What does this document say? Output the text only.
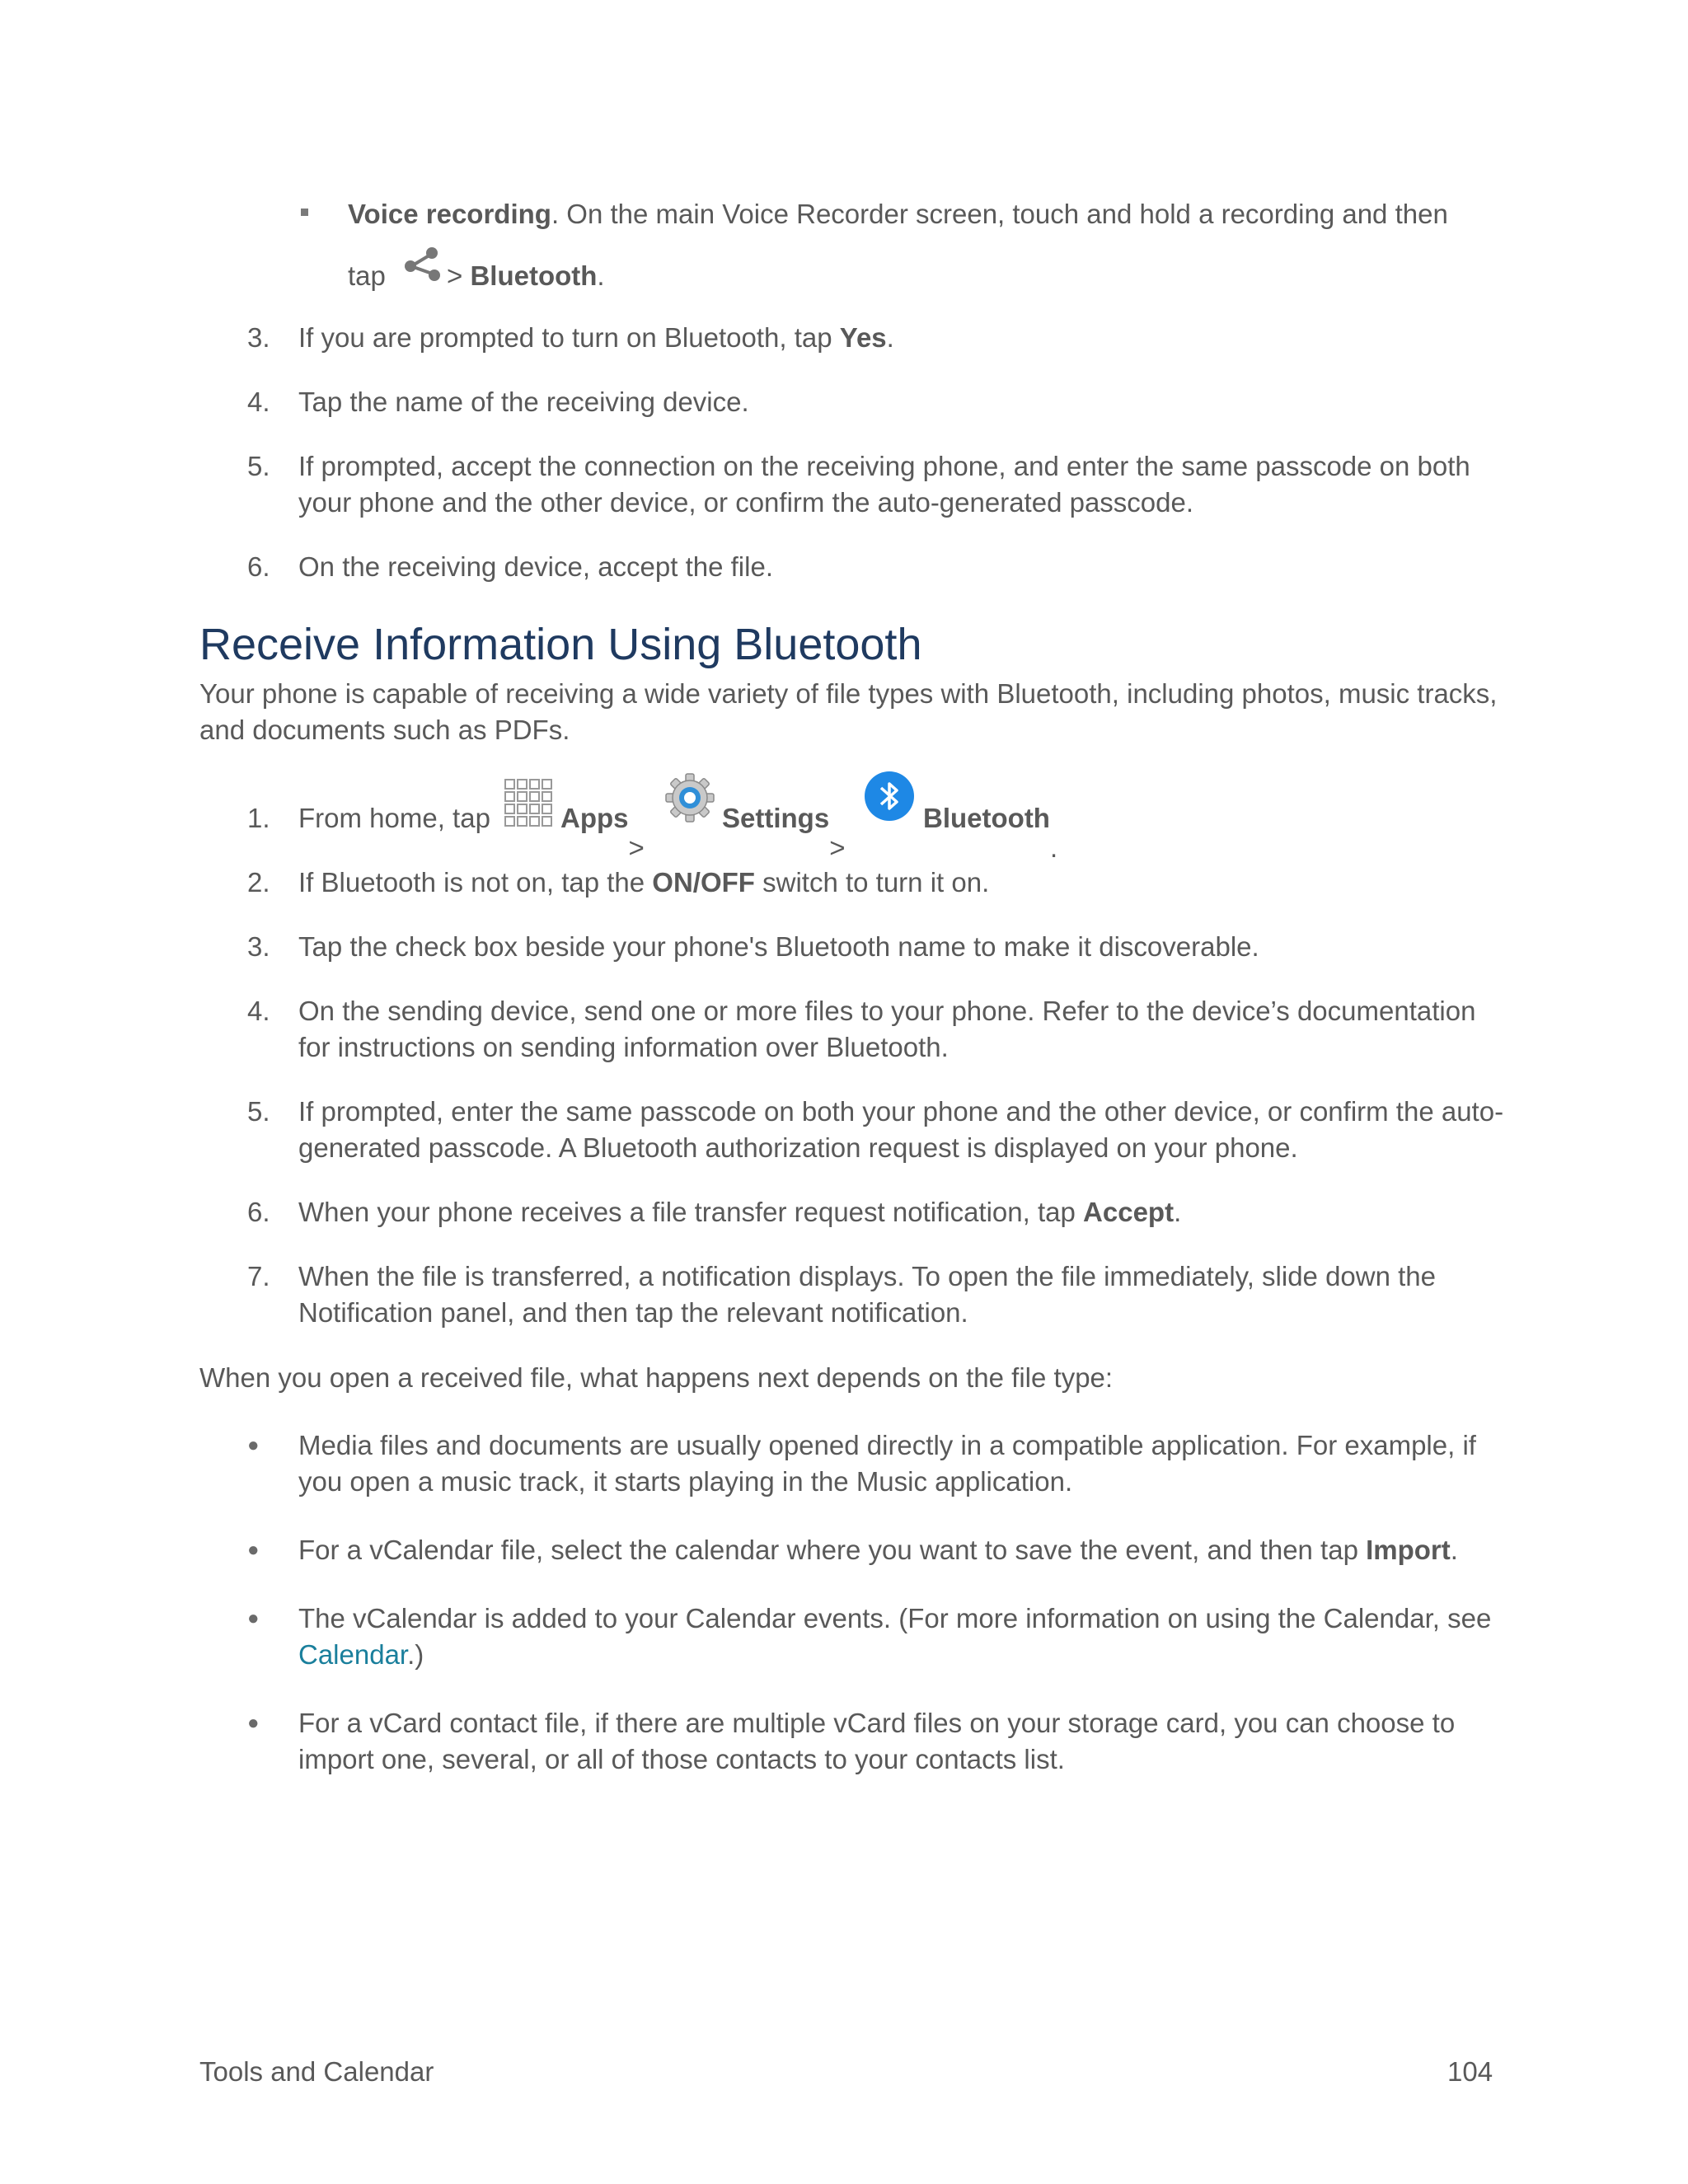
Voice recording. On the main Voice Recorder screen, touch and hold a recording and then
tap > Bluetooth.
3. If you are prompted to turn on Bluetooth, tap Yes.
4. Tap the name of the receiving device.
5. If prompted, accept the connection on the receiving phone, and enter the same passcode on both your phone and the other device, or confirm the auto-generated passcode.
6. On the receiving device, accept the file.
Receive Information Using Bluetooth
Your phone is capable of receiving a wide variety of file types with Bluetooth, including photos, music tracks, and documents such as PDFs.
1. From home, tap	Apps
>
Settings
>
Bluetooth
.
2. If Bluetooth is not on, tap the ON/OFF switch to turn it on.
3. Tap the check box beside your phone's Bluetooth name to make it discoverable.
4. On the sending device, send one or more files to your phone. Refer to the device’s documentation for instructions on sending information over Bluetooth.
5. If prompted, enter the same passcode on both your phone and the other device, or confirm the auto-generated passcode. A Bluetooth authorization request is displayed on your phone.
6. When your phone receives a file transfer request notification, tap Accept.
7. When the file is transferred, a notification displays. To open the file immediately, slide down the Notification panel, and then tap the relevant notification.
When you open a received file, what happens next depends on the file type:
● Media files and documents are usually opened directly in a compatible application. For example, if you open a music track, it starts playing in the Music application.
● For a vCalendar file, select the calendar where you want to save the event, and then tap Import.
● The vCalendar is added to your Calendar events. (For more information on using the Calendar, see Calendar.)
● For a vCard contact file, if there are multiple vCard files on your storage card, you can choose to import one, several, or all of those contacts to your contacts list.
Tools and Calendar	104
